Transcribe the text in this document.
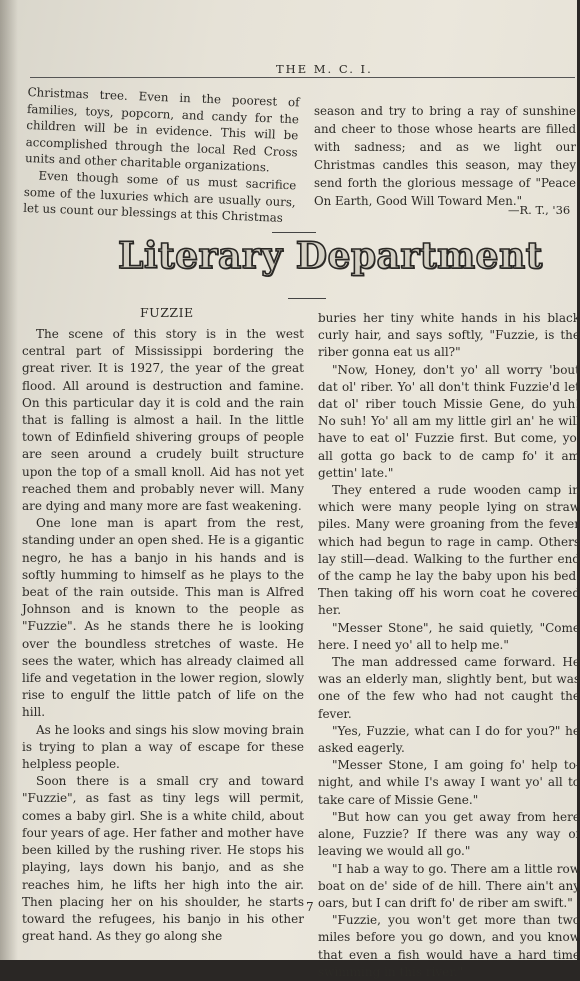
THE M. C. I.

Christmas tree. Even in the poorest of families, toys, popcorn, and candy for the children will be in evidence. This will be accomplished through the local Red Cross units and other charitable organizations.

Even though some of us must sacrifice some of the luxuries which are usually ours, let us count our blessings at this Christmas

season and try to bring a ray of sunshine and cheer to those whose hearts are filled with sadness; and as we light our Christmas candles this season, may they send forth the glorious message of "Peace On Earth, Good Will Toward Men."

—R. T., '36
Literary Department
FUZZIE

The scene of this story is in the west central part of Mississippi bordering the great river. It is 1927, the year of the great flood. All around is destruction and famine. On this particular day it is cold and the rain that is falling is almost a hail. In the little town of Edinfield shivering groups of people are seen around a crudely built structure upon the top of a small knoll. Aid has not yet reached them and probably never will. Many are dying and many more are fast weakening.

One lone man is apart from the rest, standing under an open shed. He is a gigantic negro, he has a banjo in his hands and is softly humming to himself as he plays to the beat of the rain outside. This man is Alfred Johnson and is known to the people as "Fuzzie". As he stands there he is looking over the boundless stretches of waste. He sees the water, which has already claimed all life and vegetation in the lower region, slowly rise to engulf the little patch of life on the hill.

As he looks and sings his slow moving brain is trying to plan a way of escape for these helpless people.

Soon there is a small cry and toward "Fuzzie", as fast as tiny legs will permit, comes a baby girl. She is a white child, about four years of age. Her father and mother have been killed by the rushing river. He stops his playing, lays down his banjo, and as she reaches him, he lifts her high into the air. Then placing her on his shoulder, he starts toward the refugees, his banjo in his other great hand. As they go along she

buries her tiny white hands in his black curly hair, and says softly, "Fuzzie, is the riber gonna eat us all?"

"Now, Honey, don't yo' all worry 'bout dat ol' riber. Yo' all don't think Fuzzie'd let dat ol' riber touch Missie Gene, do yuh! No suh! Yo' all am my little girl an' he will have to eat ol' Fuzzie first. But come, yo' all gotta go back to de camp fo' it am gettin' late."

They entered a rude wooden camp in which were many people lying on straw piles. Many were groaning from the fever which had begun to rage in camp. Others lay still—dead. Walking to the further end of the camp he lay the baby upon his bed. Then taking off his worn coat he covered her.

"Messer Stone", he said quietly, "Come here. I need yo' all to help me."

The man addressed came forward. He was an elderly man, slightly bent, but was one of the few who had not caught the fever.

"Yes, Fuzzie, what can I do for you?" he asked eagerly.

"Messer Stone, I am going fo' help to-night, and while I's away I want yo' all to take care of Missie Gene."

"But how can you get away from here alone, Fuzzie? If there was any way of leaving we would all go."

"I hab a way to go. There am a little row boat on de' side of de hill. There ain't any oars, but I can drift fo' de riber am swift."

"Fuzzie, you won't get more than two miles before you go down, and you know that even a fish would have a hard time swimming in this river."

7
